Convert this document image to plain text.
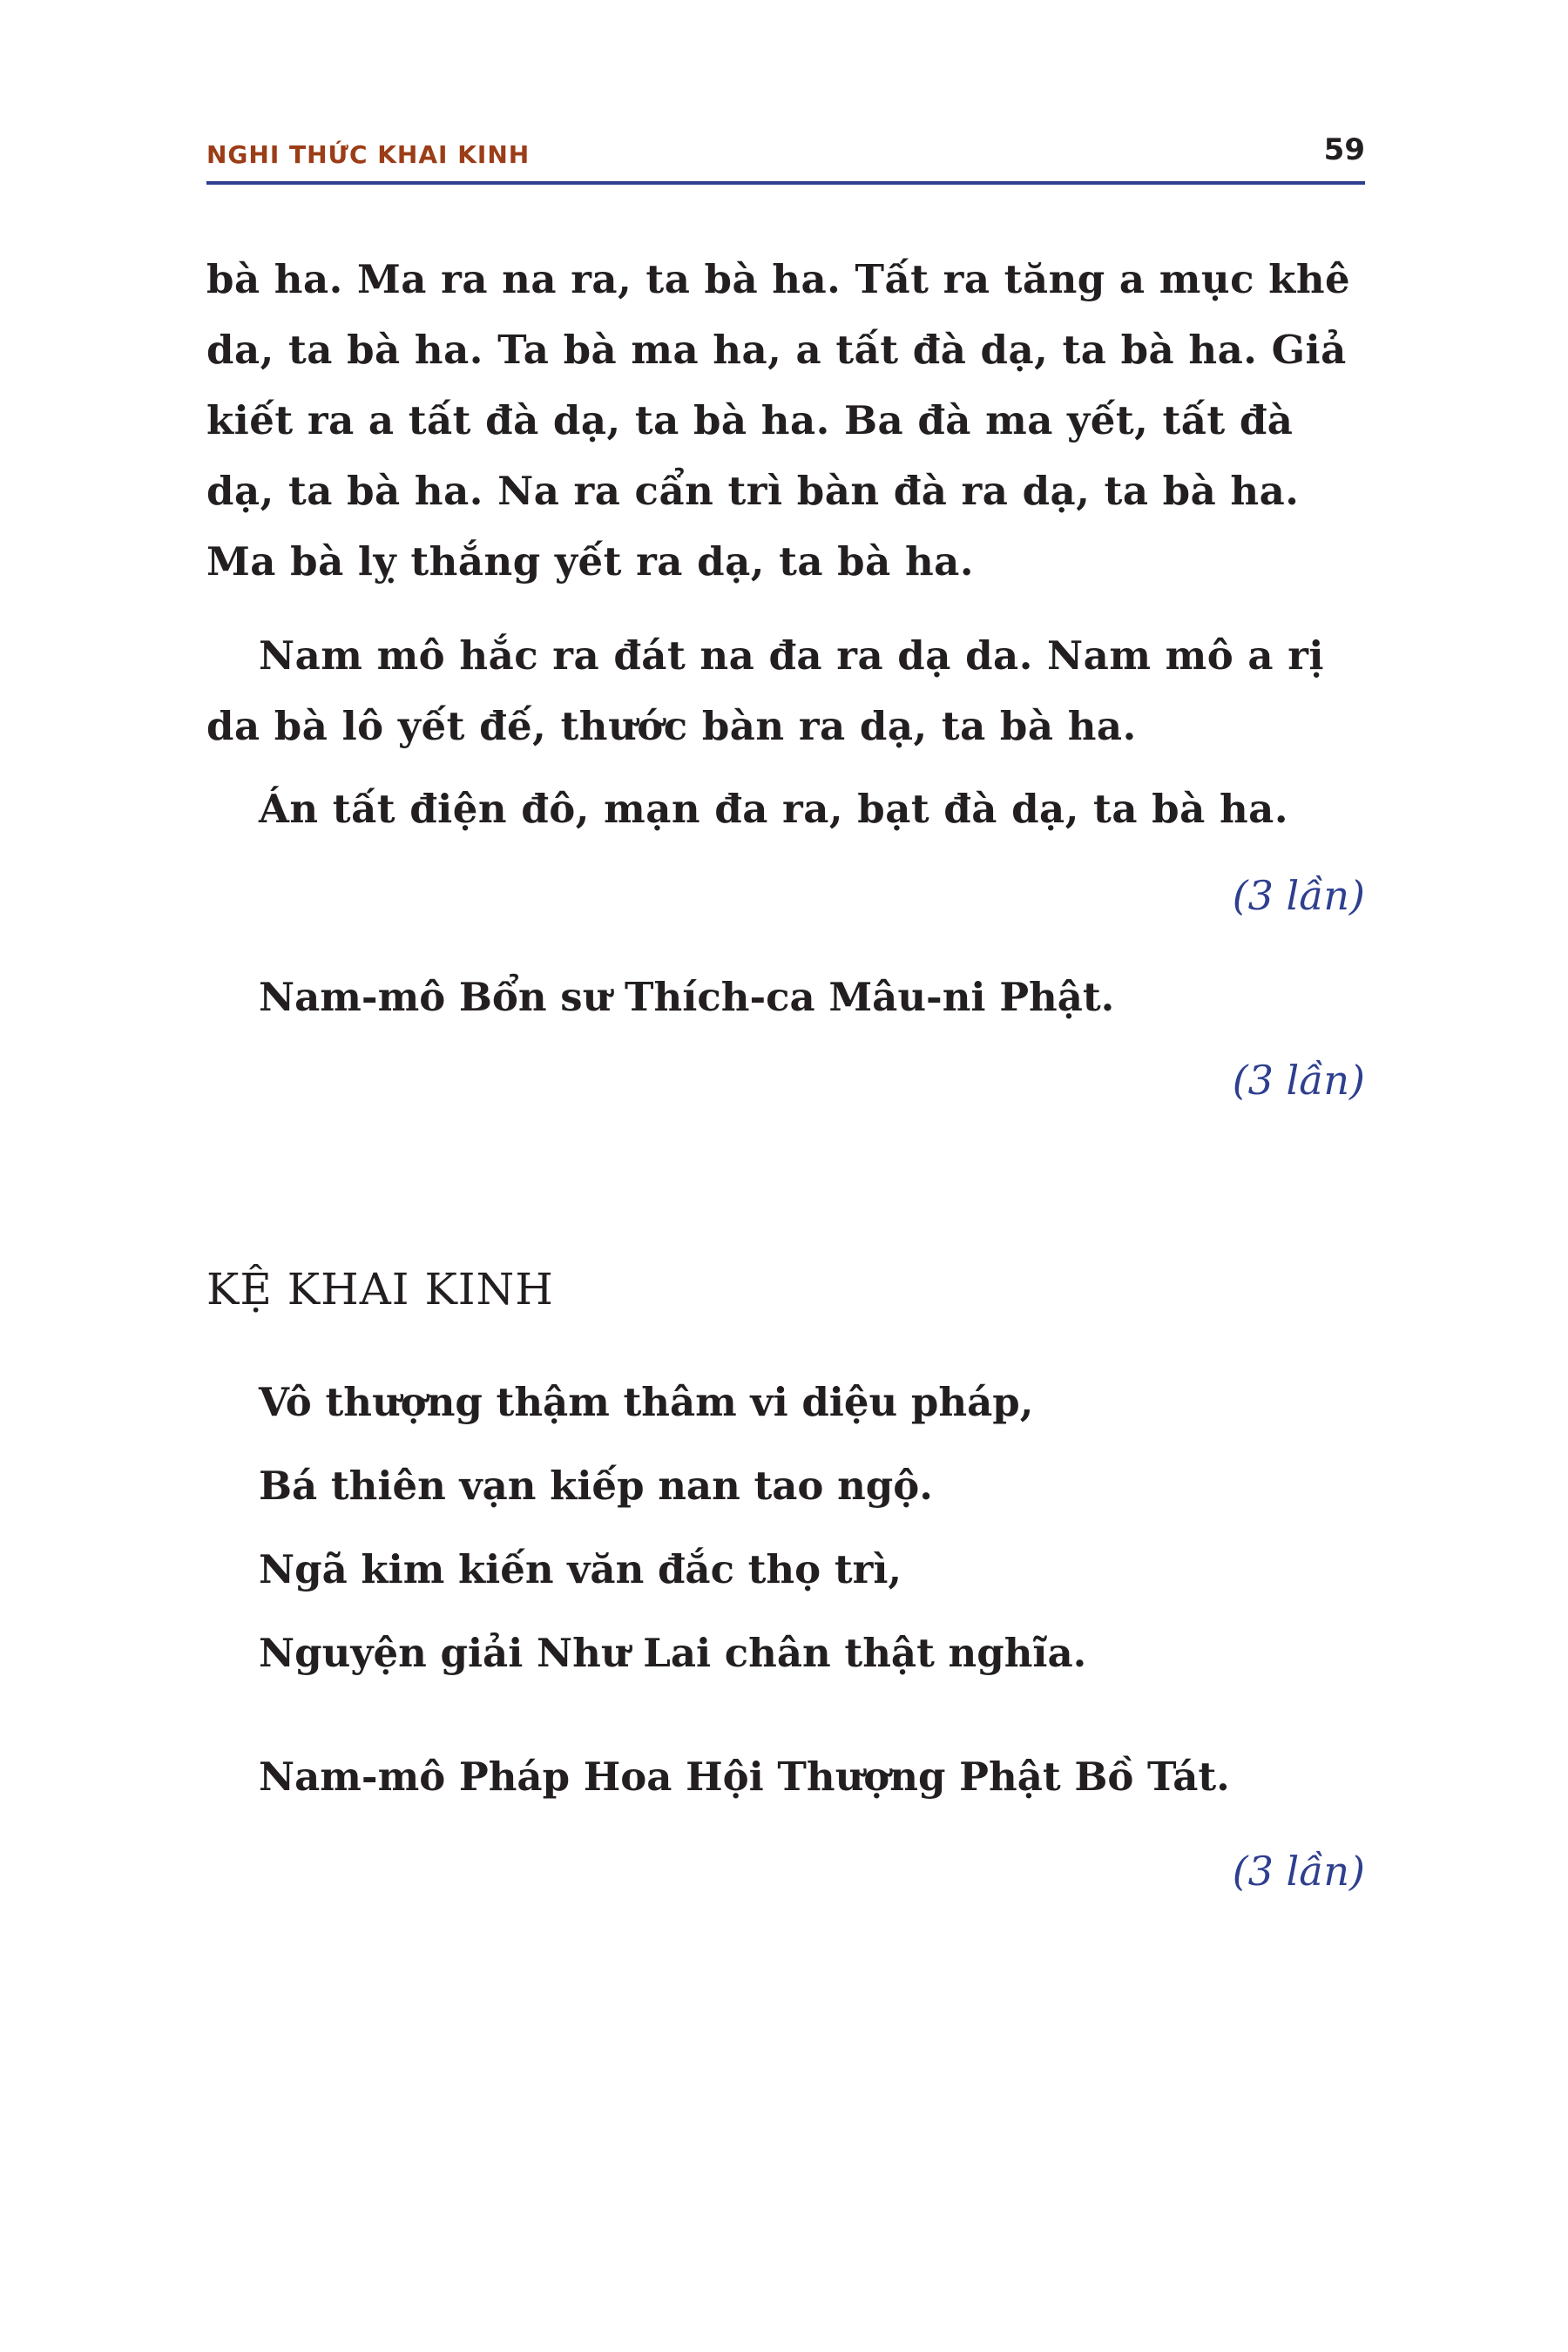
NGHI THỨC KHAI KINH	59

bà ha. Ma ra na ra, ta bà ha. Tất ra tăng a mục khê da, ta bà ha. Ta bà ma ha, a tất đà dạ, ta bà ha. Giả kiết ra a tất đà dạ, ta bà ha. Ba đà ma yết, tất đà dạ, ta bà ha. Na ra cẩn trì bàn đà ra dạ, ta bà ha. Ma bà lỵ thắng yết ra dạ, ta bà ha.

Nam mô hắc ra đát na đa ra dạ da. Nam mô a rị da bà lô yết đế, thước bàn ra dạ, ta bà ha.

Án tất điện đô, mạn đa ra, bạt đà dạ, ta bà ha.

(3 lần)

Nam-mô Bổn sư Thích-ca Mâu-ni Phật.

(3 lần)
KỆ KHAI KINH

Vô thượng thậm thâm vi diệu pháp,

Bá thiên vạn kiếp nan tao ngộ.

Ngã kim kiến văn đắc thọ trì,

Nguyện giải Như Lai chân thật nghĩa.

Nam-mô Pháp Hoa Hội Thượng Phật Bồ Tát.

(3 lần)
